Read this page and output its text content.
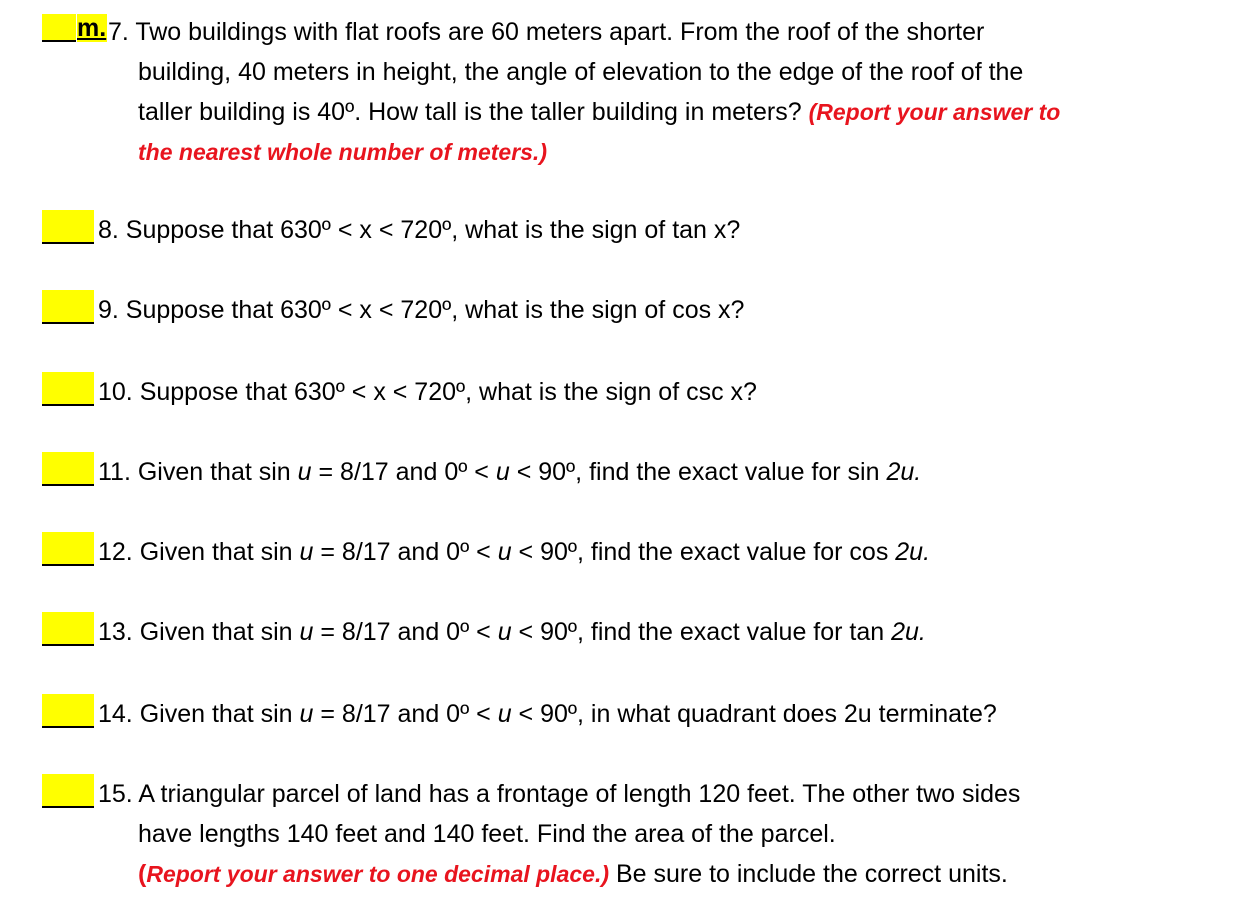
m. 7. Two buildings with flat roofs are 60 meters apart. From the roof of the shorter
building, 40 meters in height, the angle of elevation to the edge of the roof of the
taller building is 40º. How tall is the taller building in meters? (Report your answer to
the nearest whole number of meters.)
8. Suppose that 630º < x < 720º, what is the sign of tan x?
9. Suppose that 630º < x < 720º, what is the sign of cos x?
10. Suppose that 630º < x < 720º, what is the sign of csc x?
11. Given that sin u = 8/17 and 0º < u < 90º, find the exact value for sin 2u.
12. Given that sin u = 8/17 and 0º < u < 90º, find the exact value for cos 2u.
13. Given that sin u = 8/17 and 0º < u < 90º, find the exact value for tan 2u.
14. Given that sin u = 8/17 and 0º < u < 90º, in what quadrant does 2u terminate?
15. A triangular parcel of land has a frontage of length 120 feet. The other two sides
have lengths 140 feet and 140 feet. Find the area of the parcel.
(Report your answer to one decimal place.) Be sure to include the correct units.
